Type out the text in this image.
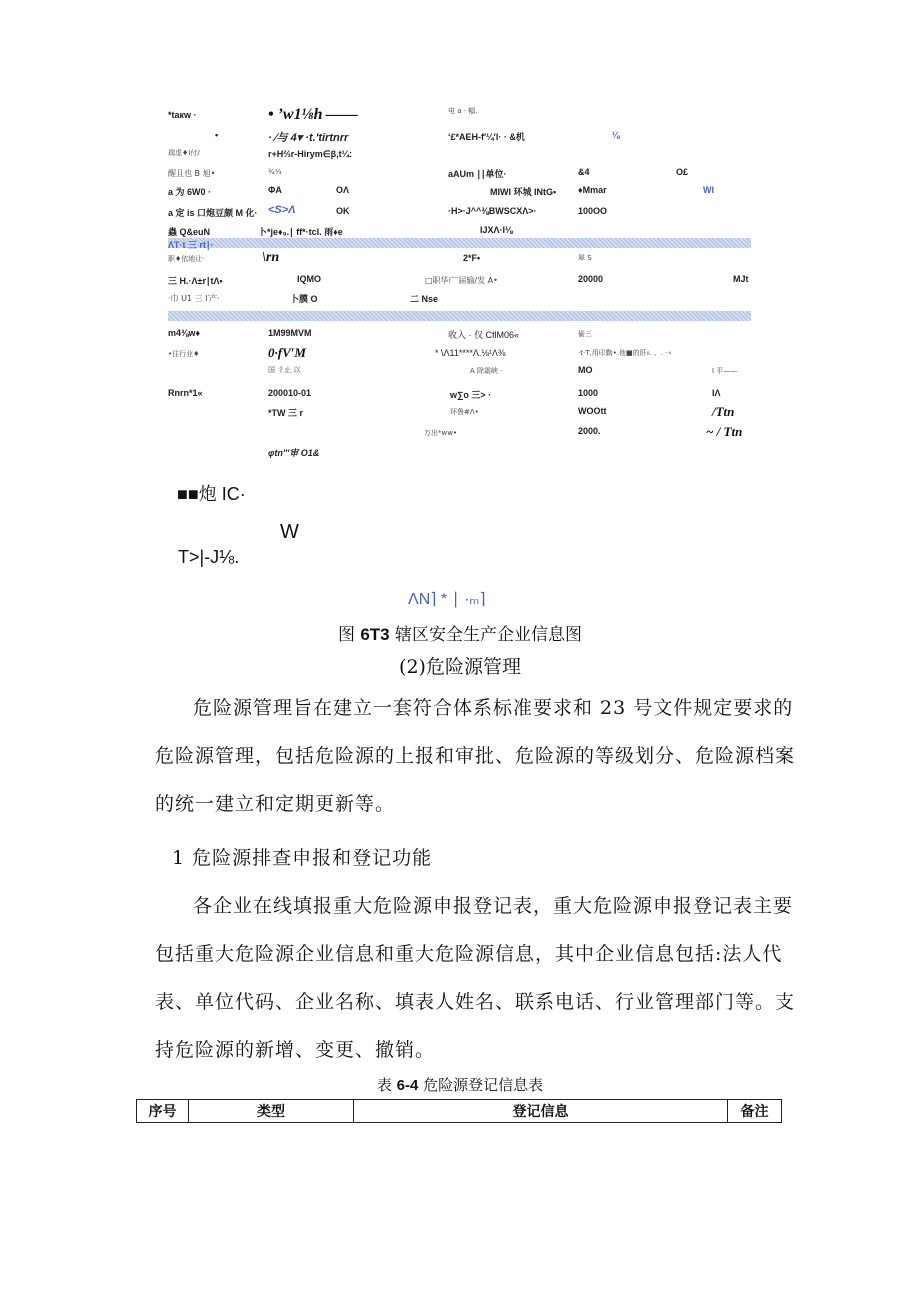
*taкw ·	• ’w1⅛h ——	电 a · 幅.
•	· ∕与 4▾ ·t.′tirtnrr	ʻ£*AEH-f′¼′l· · &机	⅛
瑞虚♦I付/	r+H⅔r-Hirym∈β,t¼:
醒且也 B 旭•	¾⅓	aAUm ∣∣单位·	&4	O£
a 为 6W0 ·	ΦA	OΛ	MIWI 环城 INtG• ♦Mmar	WI
a 定 is 口炮豆颇 M 化· <S>Λ	OK	·H>·J^^⅜BWSCXΛ>·	100OO
蟲 Q&euN	卜*je♦₉.∣ ff*·tcl. 雨♦e	IJXΛ·I⅛
ΛT·t 三 rt∣·
职♦依地让·	\rn	2*F•	犀 S
三 H.·Λ±r∣tΛ•	IQMO	□职华广′届输/发 A•	20000	MJt
·巾 U1 三 I′产·	卜膜 O	二 Nse
m4⅜w♦	1M99MVM	收入 · 仅 CflM06«	偷三
•往行业♦	0·fV′M	* \Λ11****Λ.⅛¹Λ⅜	·t·T,用印勤•.他■的肝₀. 、. ·∘
国 彳止 以	A 除霜峡 ·	MO	I 平——
Rnrn*1«	200010-01	w∑o 三> ·	1000	IΛ
*TW 三 r	环鲁#Λ•	WOOtt	/Ttn
万出*ww•	2000.	~ / Ttn
φtn′′′审 O1&
■■炮 IC·
W
T>|-J⅛.
ΛN⌉ * ∣ ·ₘ⌉
图 6T3 辖区安全生产企业信息图
(2)危险源管理
危险源管理旨在建立一套符合体系标准要求和 23 号文件规定要求的危险源管理，包括危险源的上报和审批、危险源的等级划分、危险源档案的统一建立和定期更新等。
1 危险源排查申报和登记功能
各企业在线填报重大危险源申报登记表，重大危险源申报登记表主要包括重大危险源企业信息和重大危险源信息，其中企业信息包括:法人代表、单位代码、企业名称、填表人姓名、联系电话、行业管理部门等。支持危险源的新增、变更、撤销。
表 6-4 危险源登记信息表
序号	类型	登记信息	备注
